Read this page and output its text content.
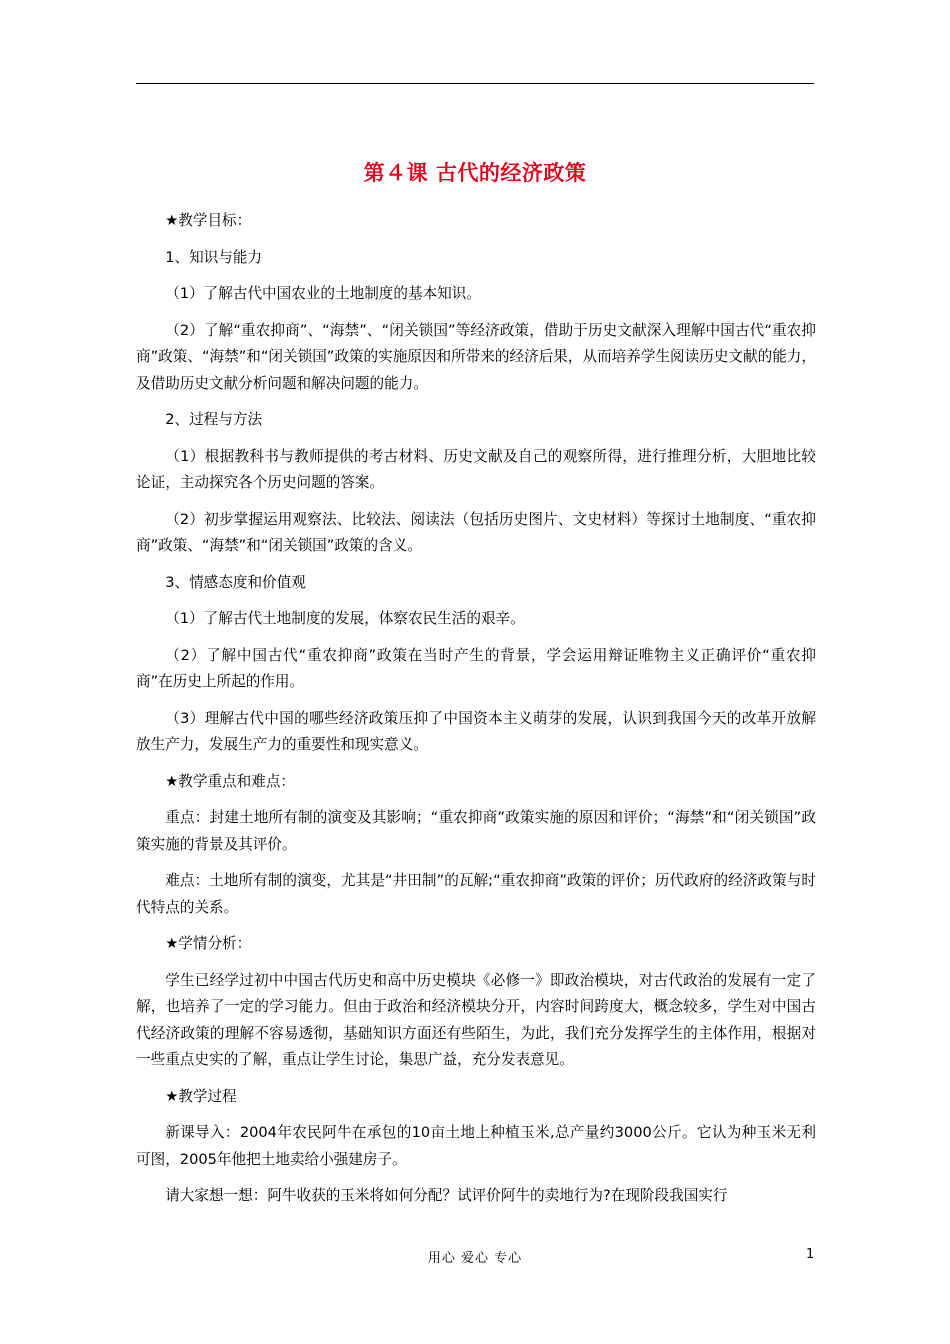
第４课 古代的经济政策

★教学目标：

1、知识与能力

（1）了解古代中国农业的土地制度的基本知识。

（2）了解“重农抑商”、“海禁”、“闭关锁国”等经济政策，借助于历史文献深入理解中国古代“重农抑商”政策、“海禁”和“闭关锁国”政策的实施原因和所带来的经济后果，从而培养学生阅读历史文献的能力，及借助历史文献分析问题和解决问题的能力。

2、过程与方法

（1）根据教科书与教师提供的考古材料、历史文献及自己的观察所得，进行推理分析，大胆地比较论证，主动探究各个历史问题的答案。

（2）初步掌握运用观察法、比较法、阅读法（包括历史图片、文史材料）等探讨土地制度、“重农抑商”政策、“海禁”和“闭关锁国”政策的含义。

3、情感态度和价值观

（1）了解古代土地制度的发展，体察农民生活的艰辛。

（2）了解中国古代“重农抑商”政策在当时产生的背景，学会运用辩证唯物主义正确评价“重农抑商”在历史上所起的作用。

（3）理解古代中国的哪些经济政策压抑了中国资本主义萌芽的发展，认识到我国今天的改革开放解放生产力，发展生产力的重要性和现实意义。

★教学重点和难点：

重点：封建土地所有制的演变及其影响；“重农抑商”政策实施的原因和评价；“海禁”和“闭关锁国”政策实施的背景及其评价。

难点：土地所有制的演变，尤其是“井田制”的瓦解;“重农抑商”政策的评价；历代政府的经济政策与时代特点的关系。

★学情分析：

学生已经学过初中中国古代历史和高中历史模块《必修一》即政治模块，对古代政治的发展有一定了解，也培养了一定的学习能力。但由于政治和经济模块分开，内容时间跨度大，概念较多，学生对中国古代经济政策的理解不容易透彻，基础知识方面还有些陌生，为此，我们充分发挥学生的主体作用，根据对一些重点史实的了解，重点让学生讨论，集思广益，充分发表意见。

★教学过程

新课导入：2004年农民阿牛在承包的10亩土地上种植玉米,总产量约3000公斤。它认为种玉米无利可图，2005年他把土地卖给小强建房子。

请大家想一想：阿牛收获的玉米将如何分配？试评价阿牛的卖地行为?在现阶段我国实行

用心 爱心 专心	1
